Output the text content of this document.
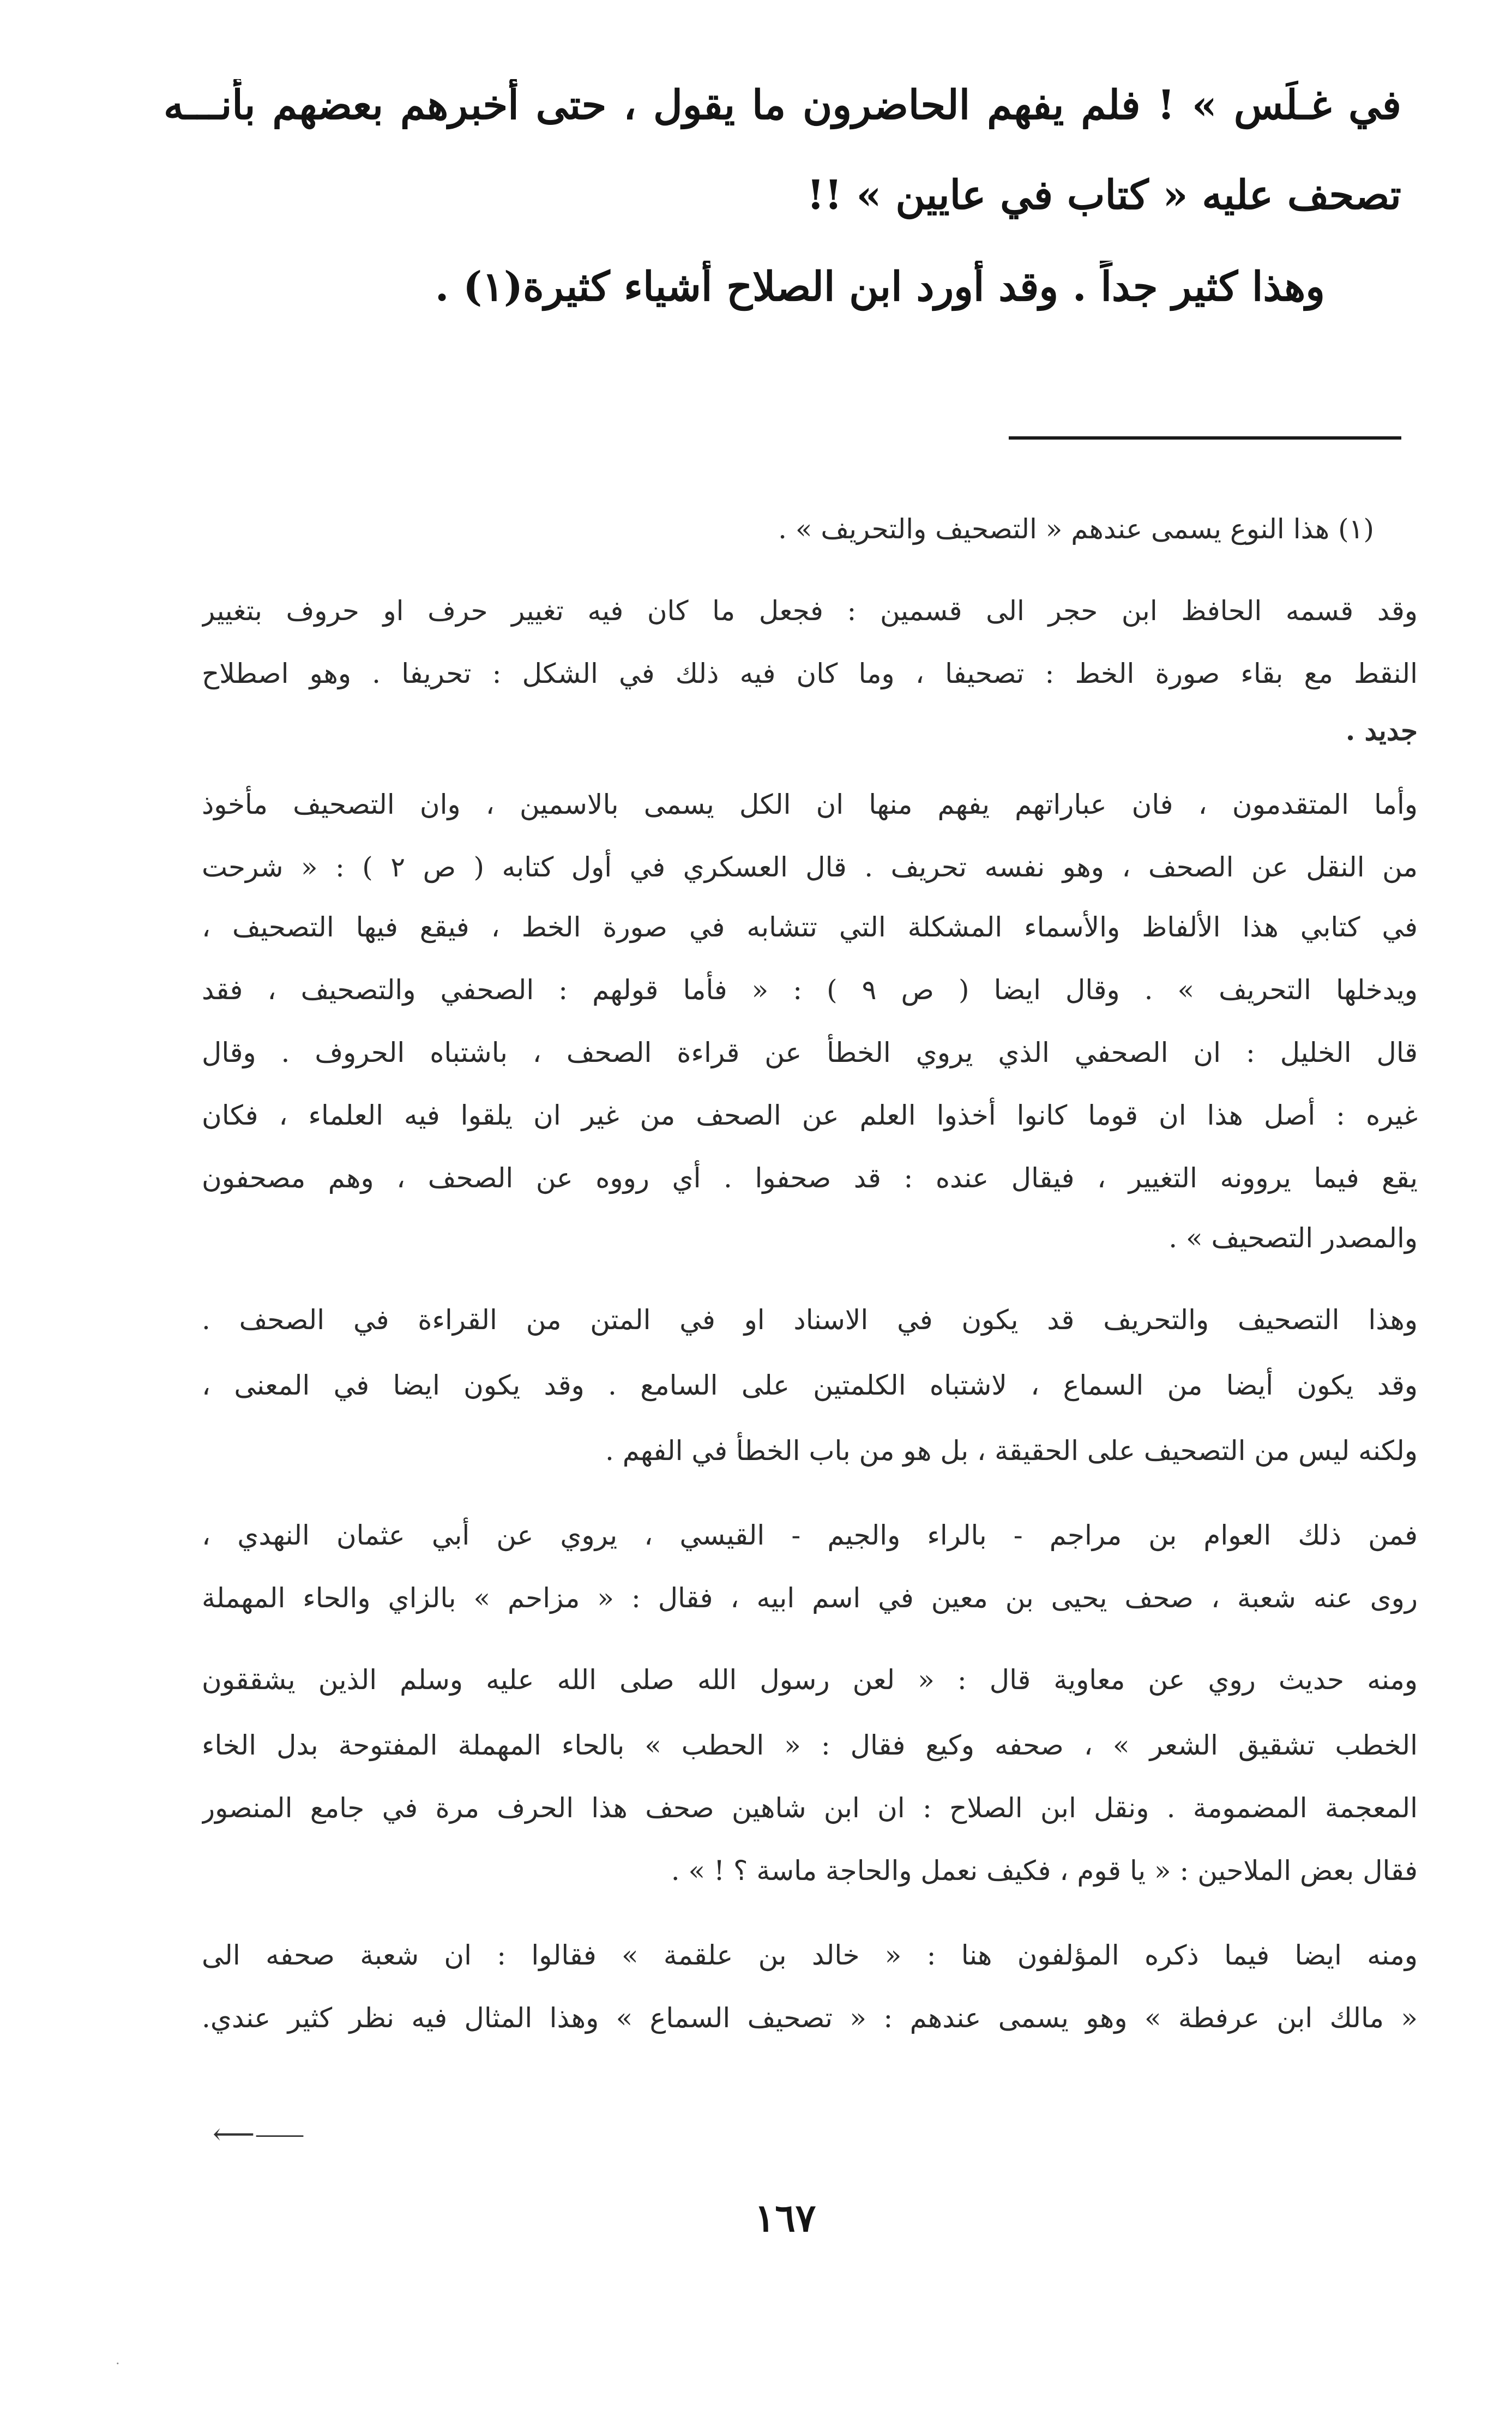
في غـلَس » ! فلم يفهم الحاضرون ما يقول ، حتى أخبرهم بعضهم بأنـــه
تصحف عليه « كتاب في عايين » !!
وهذا كثير جداً . وقد أورد ابن الصلاح أشياء كثيرة(١) .
(١) هذا النوع يسمى عندهم « التصحيف والتحريف » .
وقد قسمه الحافظ ابن حجر الى قسمين : فجعل ما كان فيه تغيير حرف او حروف بتغيير
النقط مع بقاء صورة الخط : تصحيفا ، وما كان فيه ذلك في الشكل : تحريفا . وهو اصطلاح
جديد .
وأما المتقدمون ، فان عباراتهم يفهم منها ان الكل يسمى بالاسمين ، وان التصحيف مأخوذ
من النقل عن الصحف ، وهو نفسه تحريف . قال العسكري في أول كتابه ( ص ٢ ) : « شرحت
في كتابي هذا الألفاظ والأسماء المشكلة التي تتشابه في صورة الخط ، فيقع فيها التصحيف ،
ويدخلها التحريف » . وقال ايضا ( ص ٩ ) : « فأما قولهم : الصحفي والتصحيف ، فقد
قال الخليل : ان الصحفي الذي يروي الخطأ عن قراءة الصحف ، باشتباه الحروف . وقال
غيره : أصل هذا ان قوما كانوا أخذوا العلم عن الصحف من غير ان يلقوا فيه العلماء ، فكان
يقع فيما يروونه التغيير ، فيقال عنده : قد صحفوا . أي رووه عن الصحف ، وهم مصحفون
والمصدر التصحيف » .
وهذا التصحيف والتحريف قد يكون في الاسناد او في المتن من القراءة في الصحف .
وقد يكون أيضا من السماع ، لاشتباه الكلمتين على السامع . وقد يكون ايضا في المعنى ،
ولكنه ليس من التصحيف على الحقيقة ، بل هو من باب الخطأ في الفهم .
فمن ذلك العوام بن مراجم - بالراء والجيم - القيسي ، يروي عن أبي عثمان النهدي ،
روى عنه شعبة ، صحف يحيى بن معين في اسم ابيه ، فقال : « مزاحم » بالزاي والحاء المهملة
ومنه حديث روي عن معاوية قال : « لعن رسول الله صلى الله عليه وسلم الذين يشققون
الخطب تشقيق الشعر » ، صحفه وكيع فقال : « الحطب » بالحاء المهملة المفتوحة بدل الخاء
المعجمة المضمومة . ونقل ابن الصلاح : ان ابن شاهين صحف هذا الحرف مرة في جامع المنصور
فقال بعض الملاحين : « يا قوم ، فكيف نعمل والحاجة ماسة ؟ ! » .
ومنه ايضا فيما ذكره المؤلفون هنا : « خالد بن علقمة » فقالوا : ان شعبة صحفه الى
« مالك ابن عرفطة » وهو يسمى عندهم : « تصحيف السماع » وهذا المثال فيه نظر كثير عندي.
⟵⸺
١٦٧
·
